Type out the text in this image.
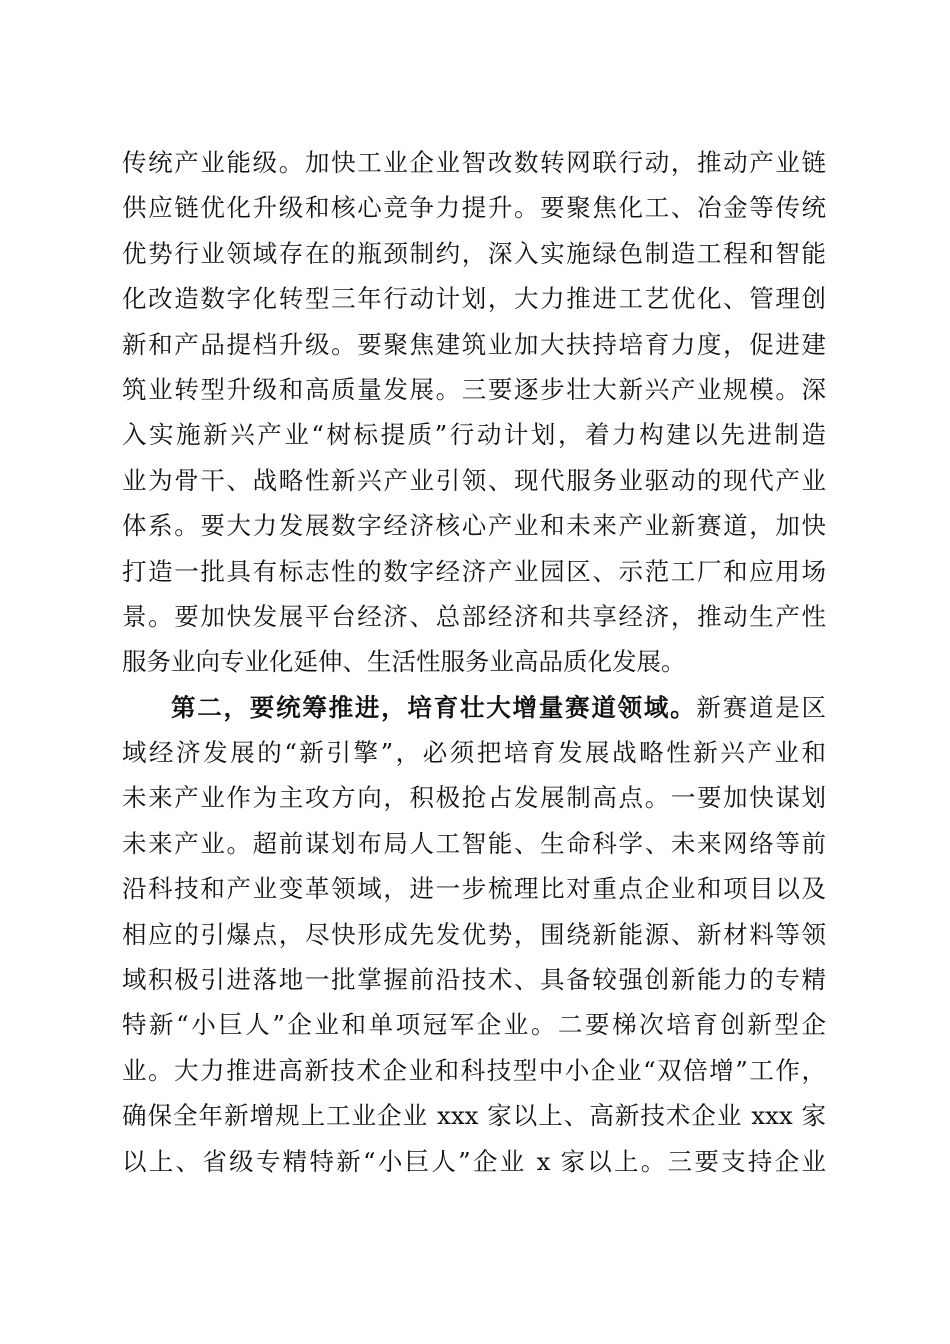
传统产业能级。加快工业企业智改数转网联行动，推动产业链
供应链优化升级和核心竞争力提升。要聚焦化工、冶金等传统
优势行业领域存在的瓶颈制约，深入实施绿色制造工程和智能
化改造数字化转型三年行动计划，大力推进工艺优化、管理创
新和产品提档升级。要聚焦建筑业加大扶持培育力度，促进建
筑业转型升级和高质量发展。三要逐步壮大新兴产业规模。深
入实施新兴产业“树标提质”行动计划，着力构建以先进制造
业为骨干、战略性新兴产业引领、现代服务业驱动的现代产业
体系。要大力发展数字经济核心产业和未来产业新赛道，加快
打造一批具有标志性的数字经济产业园区、示范工厂和应用场
景。要加快发展平台经济、总部经济和共享经济，推动生产性
服务业向专业化延伸、生活性服务业高品质化发展。
第二，要统筹推进，培育壮大增量赛道领域。新赛道是区
域经济发展的“新引擎”，必须把培育发展战略性新兴产业和
未来产业作为主攻方向，积极抢占发展制高点。一要加快谋划
未来产业。超前谋划布局人工智能、生命科学、未来网络等前
沿科技和产业变革领域，进一步梳理比对重点企业和项目以及
相应的引爆点，尽快形成先发优势，围绕新能源、新材料等领
域积极引进落地一批掌握前沿技术、具备较强创新能力的专精
特新“小巨人”企业和单项冠军企业。二要梯次培育创新型企
业。大力推进高新技术企业和科技型中小企业“双倍增”工作，
确保全年新增规上工业企业 xxx 家以上、高新技术企业 xxx 家
以上、省级专精特新“小巨人”企业 x 家以上。三要支持企业
